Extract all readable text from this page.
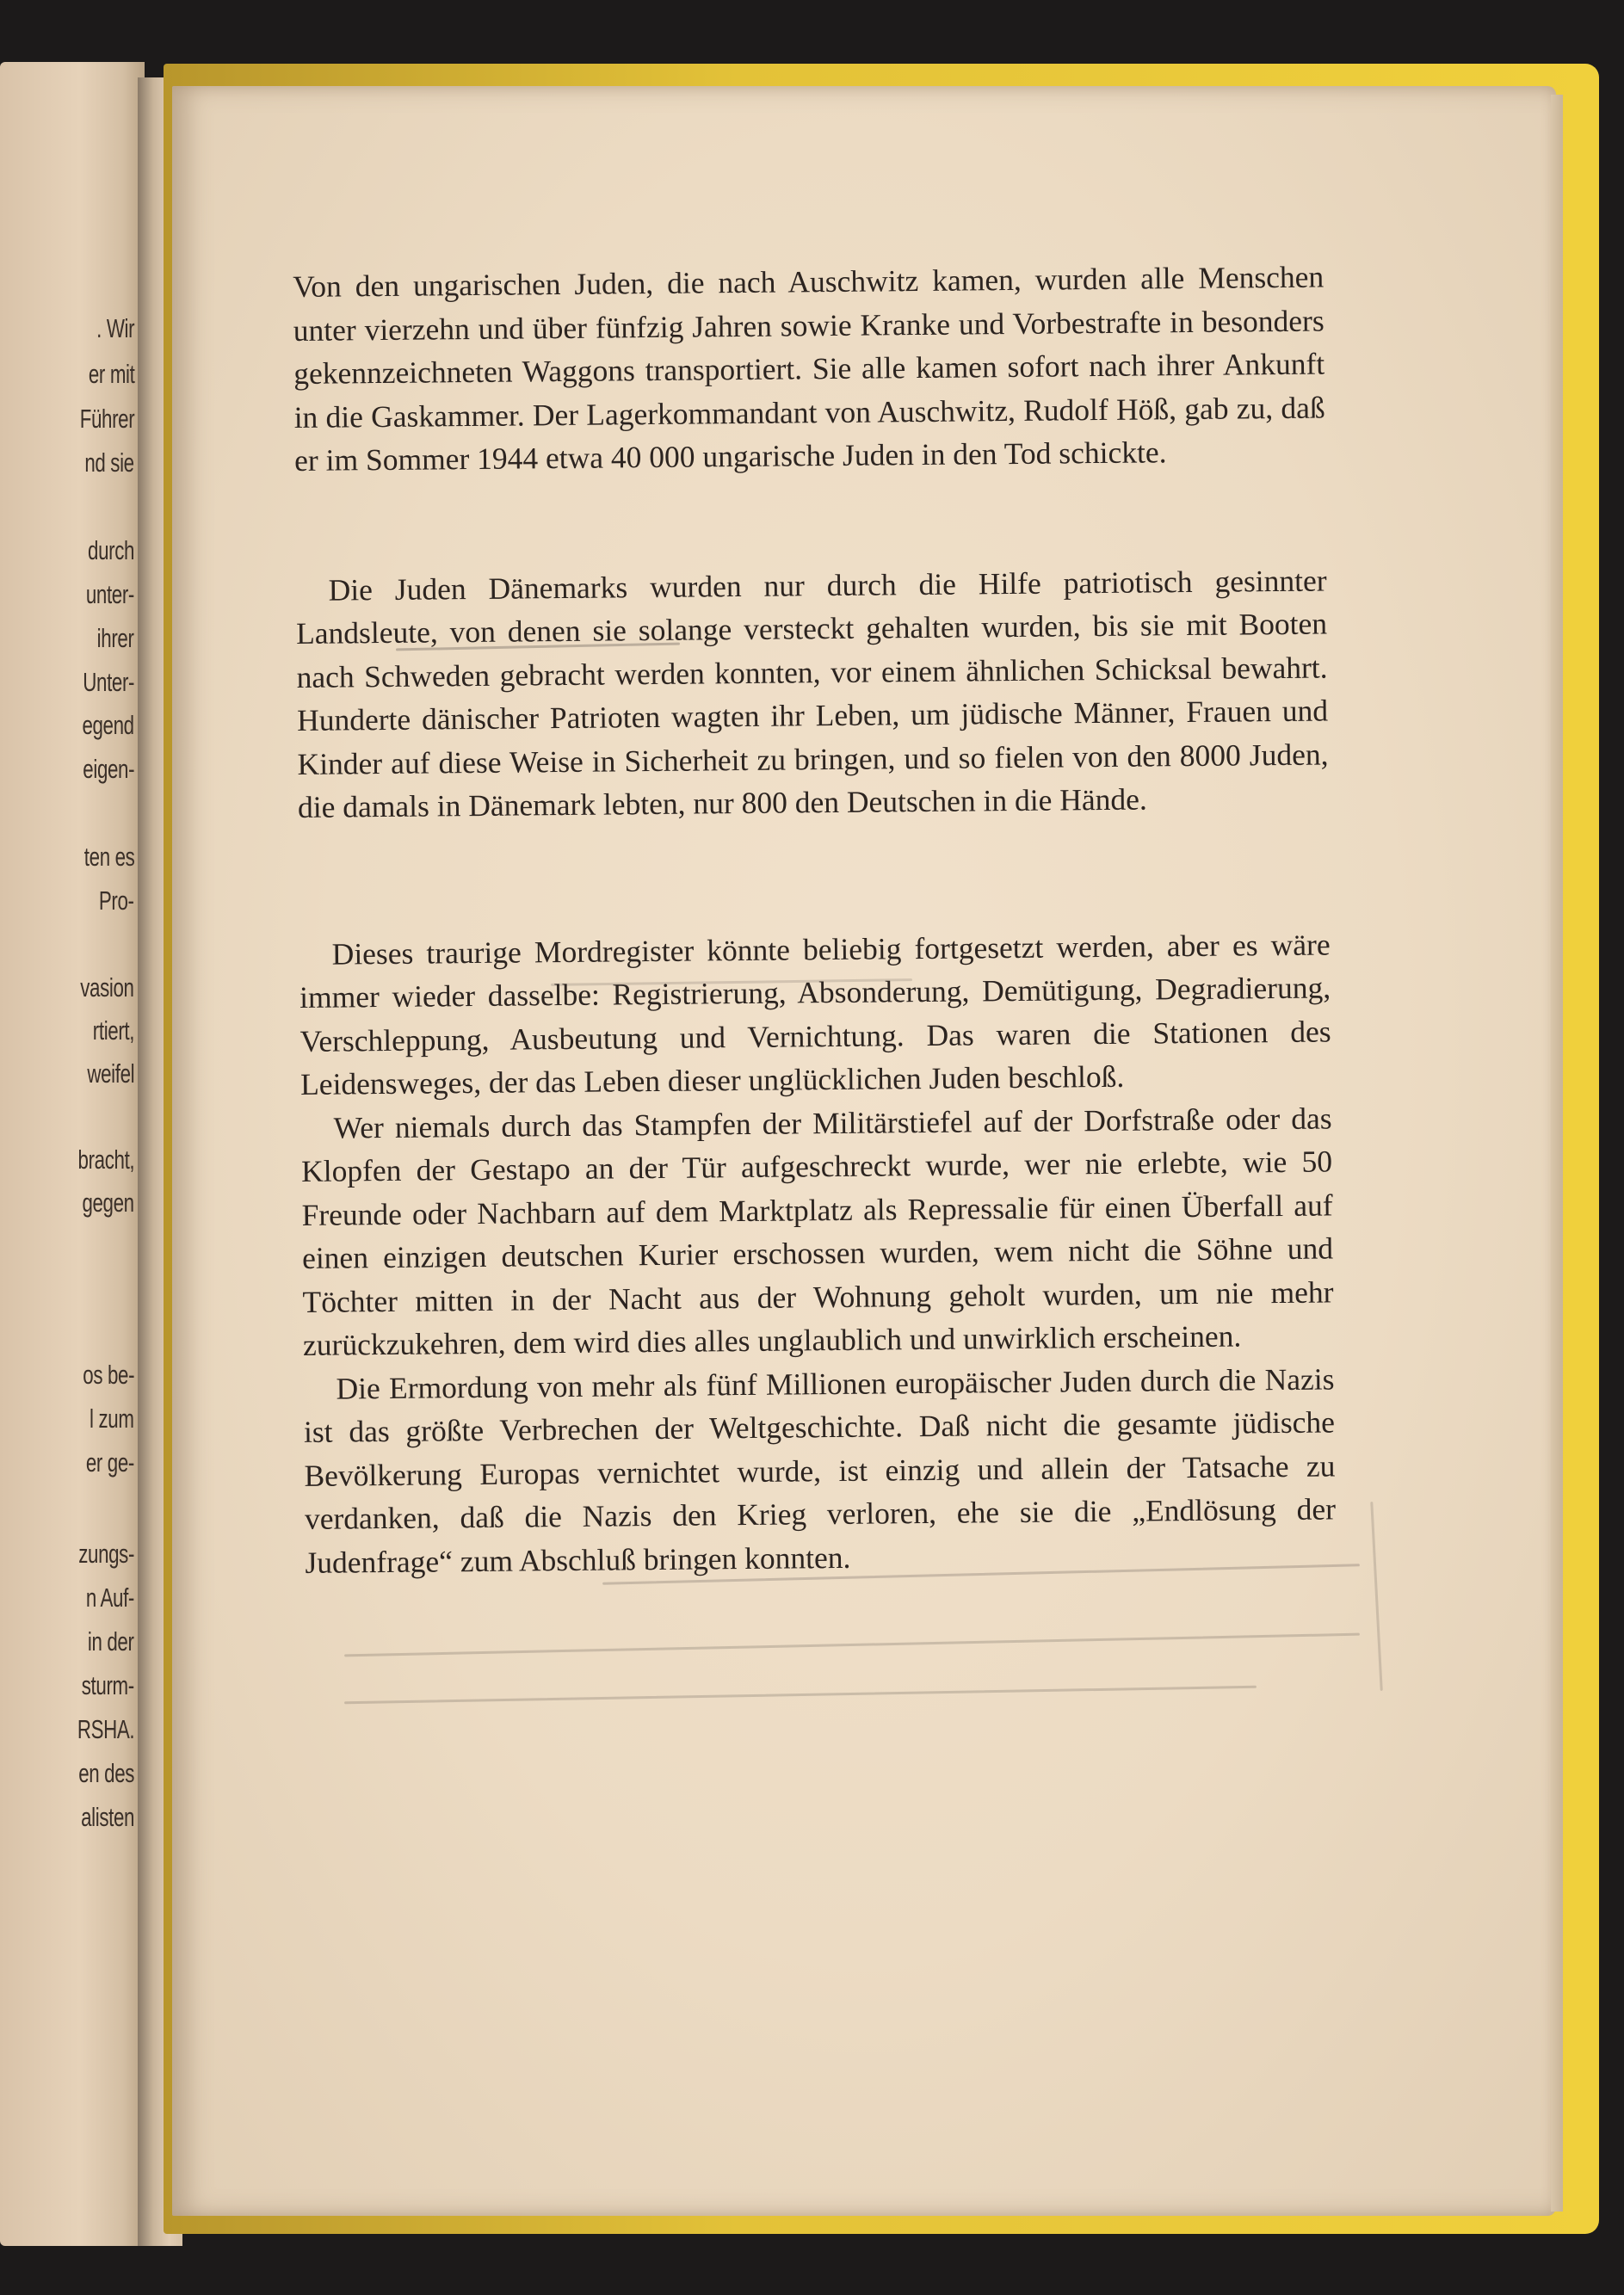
. Wir
er mit
Führer
nd sie
durch
unter-
ihrer
Unter-
egend
eigen-
ten es
Pro-
vasion
rtiert,
weifel
bracht,
gegen
os be-
l zum
er ge-
zungs-
n Auf-
in der
sturm-
RSHA.
en des
alisten

Von den ungarischen Juden, die nach Auschwitz kamen, wurden alle Menschen unter vierzehn und über fünfzig Jahren sowie Kranke und Vorbestrafte in besonders gekennzeichneten Waggons transportiert. Sie alle kamen sofort nach ihrer Ankunft in die Gaskammer. Der Lagerkommandant von Auschwitz, Rudolf Höß, gab zu, daß er im Sommer 1944 etwa 40 000 ungarische Juden in den Tod schickte.

Die Juden Dänemarks wurden nur durch die Hilfe patriotisch gesinnter Landsleute, von denen sie solange versteckt gehalten wurden, bis sie mit Booten nach Schweden gebracht werden konnten, vor einem ähnlichen Schicksal bewahrt. Hunderte dänischer Patrioten wagten ihr Leben, um jüdische Männer, Frauen und Kinder auf diese Weise in Sicherheit zu bringen, und so fielen von den 8000 Juden, die damals in Dänemark lebten, nur 800 den Deutschen in die Hände.

Dieses traurige Mordregister könnte beliebig fortgesetzt werden, aber es wäre immer wieder dasselbe: Registrierung, Absonderung, Demütigung, Degradierung, Verschleppung, Ausbeutung und Vernichtung. Das waren die Stationen des Leidensweges, der das Leben dieser unglücklichen Juden beschloß.

Wer niemals durch das Stampfen der Militärstiefel auf der Dorfstraße oder das Klopfen der Gestapo an der Tür aufgeschreckt wurde, wer nie erlebte, wie 50 Freunde oder Nachbarn auf dem Marktplatz als Repressalie für einen Überfall auf einen einzigen deutschen Kurier erschossen wurden, wem nicht die Söhne und Töchter mitten in der Nacht aus der Wohnung geholt wurden, um nie mehr zurückzukehren, dem wird dies alles unglaublich und unwirklich erscheinen.

Die Ermordung von mehr als fünf Millionen europäischer Juden durch die Nazis ist das größte Verbrechen der Weltgeschichte. Daß nicht die gesamte jüdische Bevölkerung Europas vernichtet wurde, ist einzig und allein der Tatsache zu verdanken, daß die Nazis den Krieg verloren, ehe sie die „Endlösung der Judenfrage“ zum Abschluß bringen konnten.
